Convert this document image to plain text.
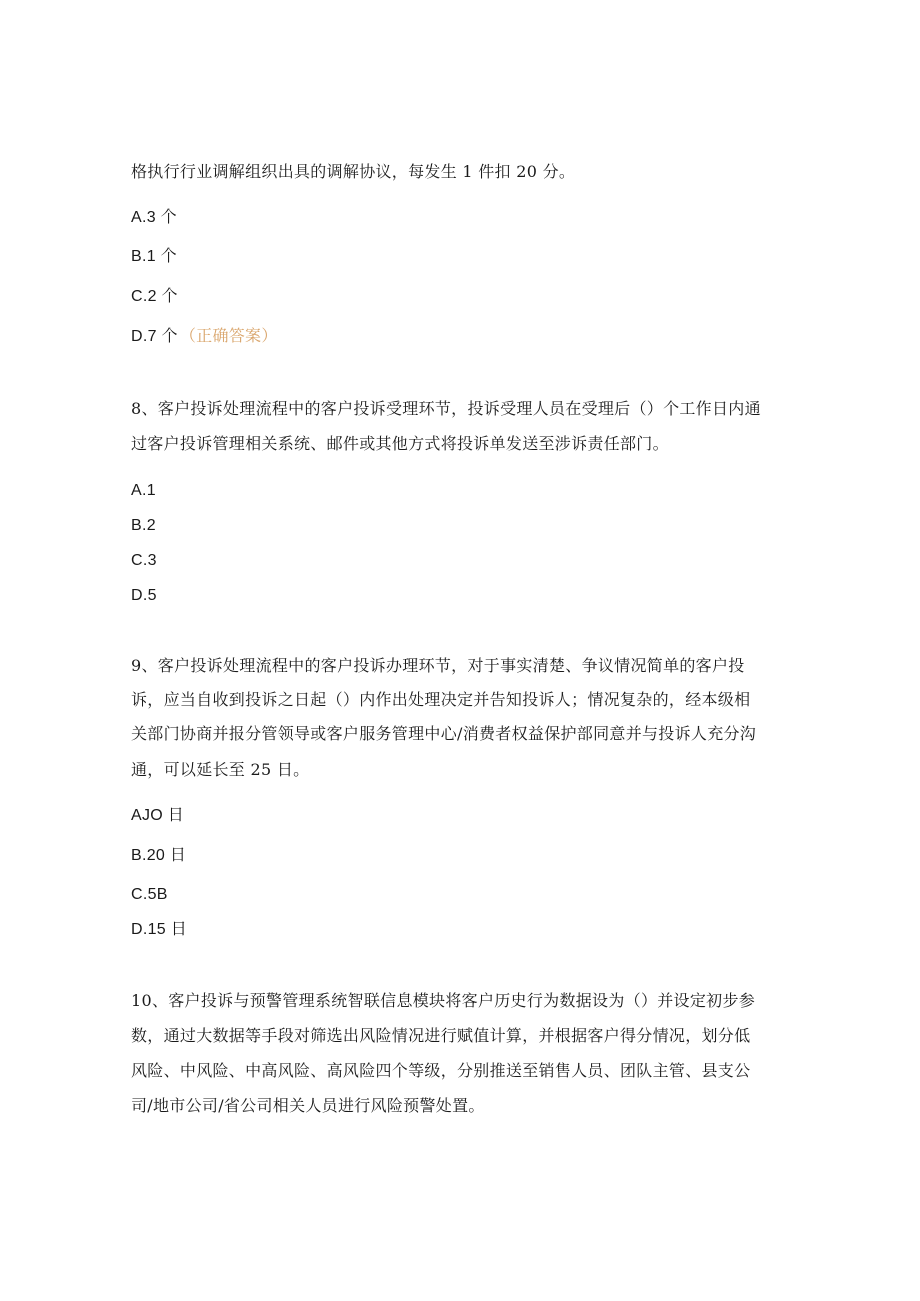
格执行行业调解组织出具的调解协议，每发生 1 件扣 20 分。
A.3 个
B.1 个
C.2 个
D.7 个 （正确答案）
8、客户投诉处理流程中的客户投诉受理环节，投诉受理人员在受理后（）个工作日内通
过客户投诉管理相关系统、邮件或其他方式将投诉单发送至涉诉责任部门。
A.1
B.2
C.3
D.5
9、客户投诉处理流程中的客户投诉办理环节，对于事实清楚、争议情况简单的客户投
诉，应当自收到投诉之日起（）内作出处理决定并告知投诉人；情况复杂的，经本级相
关部门协商并报分管领导或客户服务管理中心/消费者权益保护部同意并与投诉人充分沟
通，可以延长至 25 日。
AJO 日
B.20 日
C.5B
D.15 日
10、客户投诉与预警管理系统智联信息模块将客户历史行为数据设为（）并设定初步参
数，通过大数据等手段对筛选出风险情况进行赋值计算，并根据客户得分情况，划分低
风险、中风险、中高风险、高风险四个等级，分别推送至销售人员、团队主管、县支公
司/地市公司/省公司相关人员进行风险预警处置。
